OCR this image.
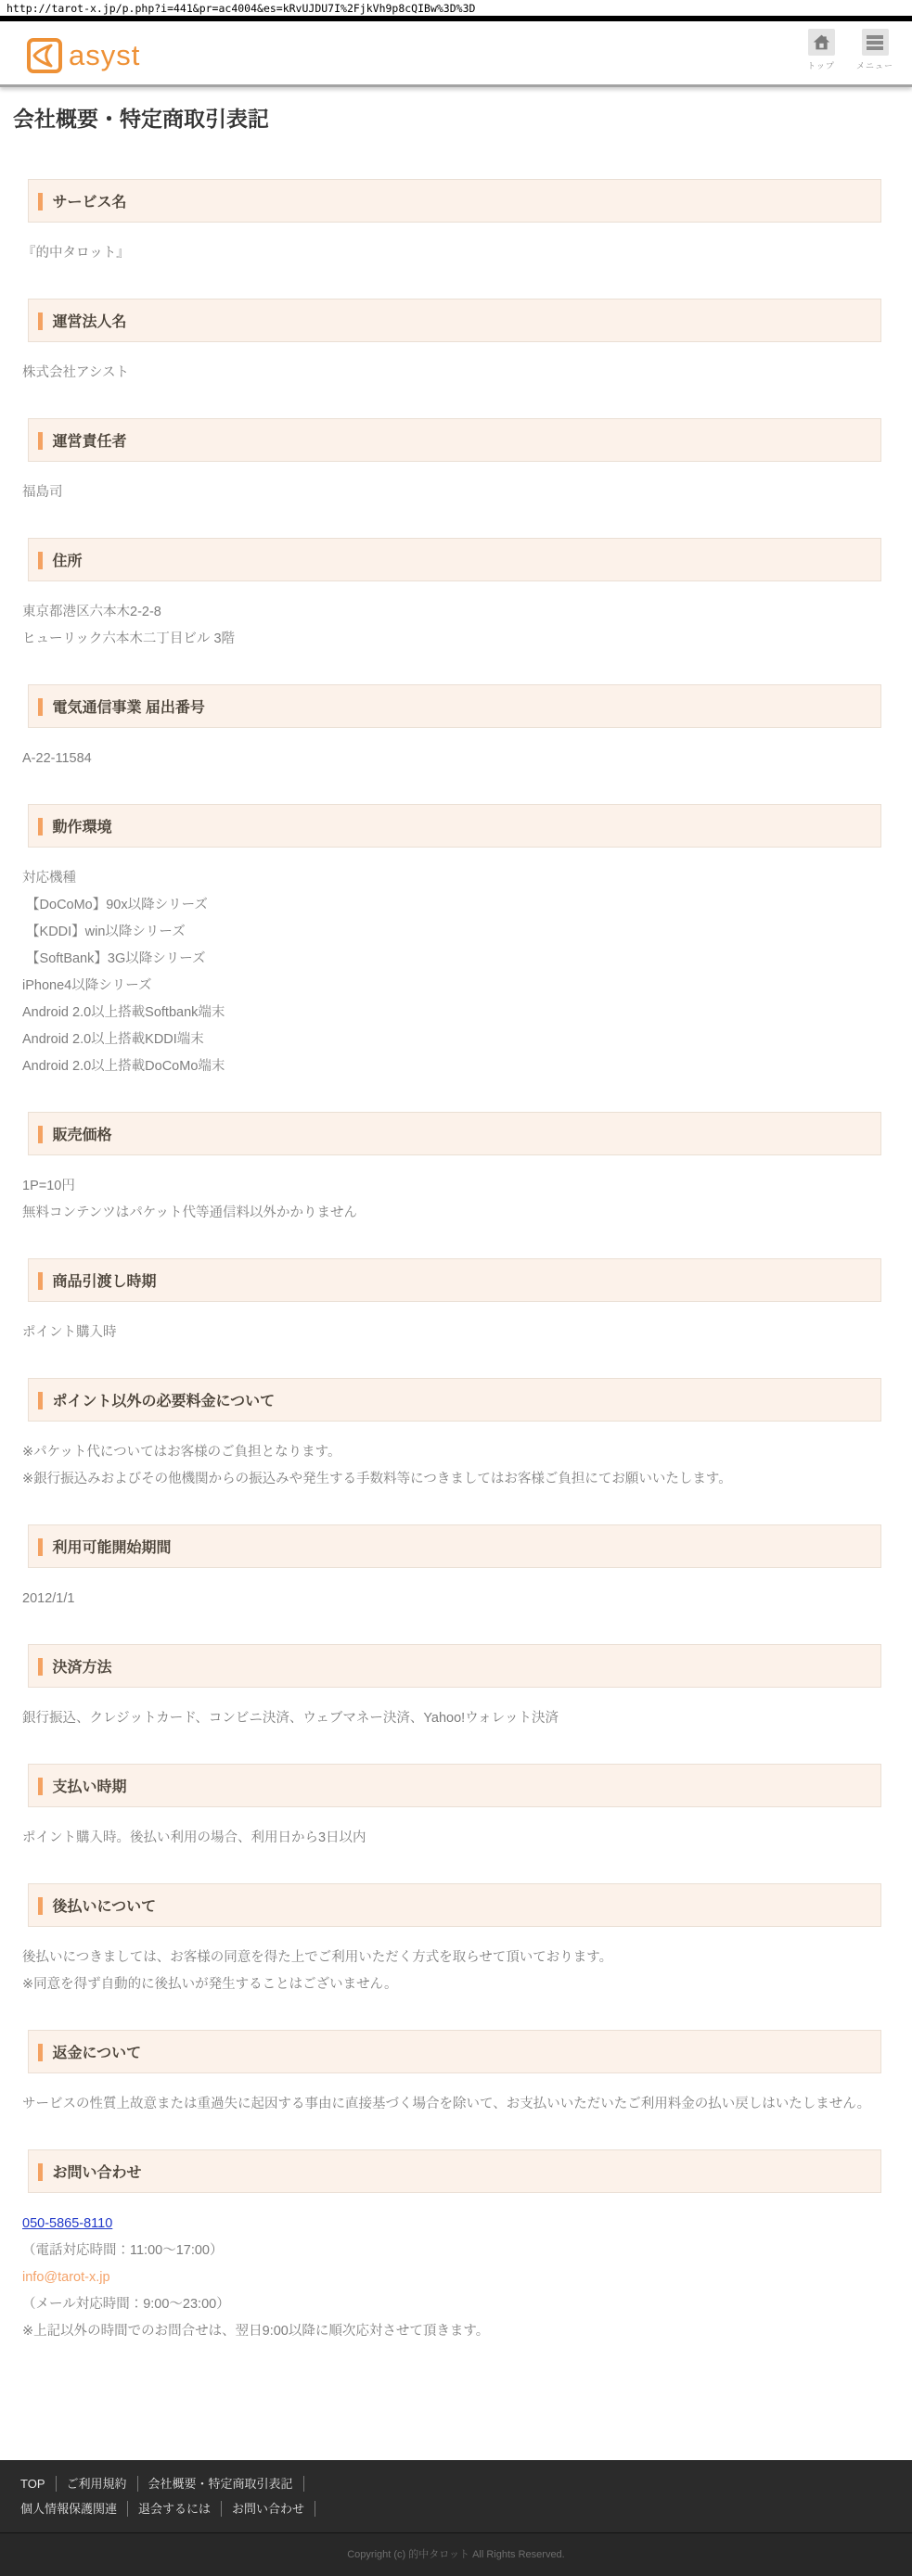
http://tarot-x.jp/p.php?i=441&pr=ac4004&es=kRvUJDU7I%2FjkVh9p8cQIBw%3D%3D
asyst	トップ	メニュー
会社概要・特定商取引表記
サービス名

『的中タロット』

運営法人名

株式会社アシスト

運営責任者

福島司

住所

東京都港区六本木2-2-8

ヒューリック六本木二丁目ビル 3階

電気通信事業 届出番号

A-22-11584

動作環境

対応機種

【DoCoMo】90x以降シリーズ

【KDDI】win以降シリーズ

【SoftBank】3G以降シリーズ

iPhone4以降シリーズ

Android 2.0以上搭載Softbank端末

Android 2.0以上搭載KDDI端末

Android 2.0以上搭載DoCoMo端末

販売価格

1P=10円

無料コンテンツはパケット代等通信料以外かかりません

商品引渡し時期

ポイント購入時

ポイント以外の必要料金について

※パケット代についてはお客様のご負担となります。

※銀行振込みおよびその他機関からの振込みや発生する手数料等につきましてはお客様ご負担にてお願いいたします。

利用可能開始期間

2012/1/1

決済方法

銀行振込、クレジットカード、コンビニ決済、ウェブマネー決済、Yahoo!ウォレット決済

支払い時期

ポイント購入時。後払い利用の場合、利用日から3日以内

後払いについて

後払いにつきましては、お客様の同意を得た上でご利用いただく方式を取らせて頂いております。

※同意を得ず自動的に後払いが発生することはございません。

返金について

サービスの性質上故意または重過失に起因する事由に直接基づく場合を除いて、お支払いいただいたご利用料金の払い戻しはいたしません。

お問い合わせ

050-5865-8110

（電話対応時間：11:00〜17:00）

info@tarot-x.jp

（メール対応時間：9:00〜23:00）

※上記以外の時間でのお問合せは、翌日9:00以降に順次応対させて頂きます。

TOP ご利用規約 会社概要・特定商取引表記
個人情報保護関連 退会するには お問い合わせ
Copyright (c) 的中タロット All Rights Reserved.
